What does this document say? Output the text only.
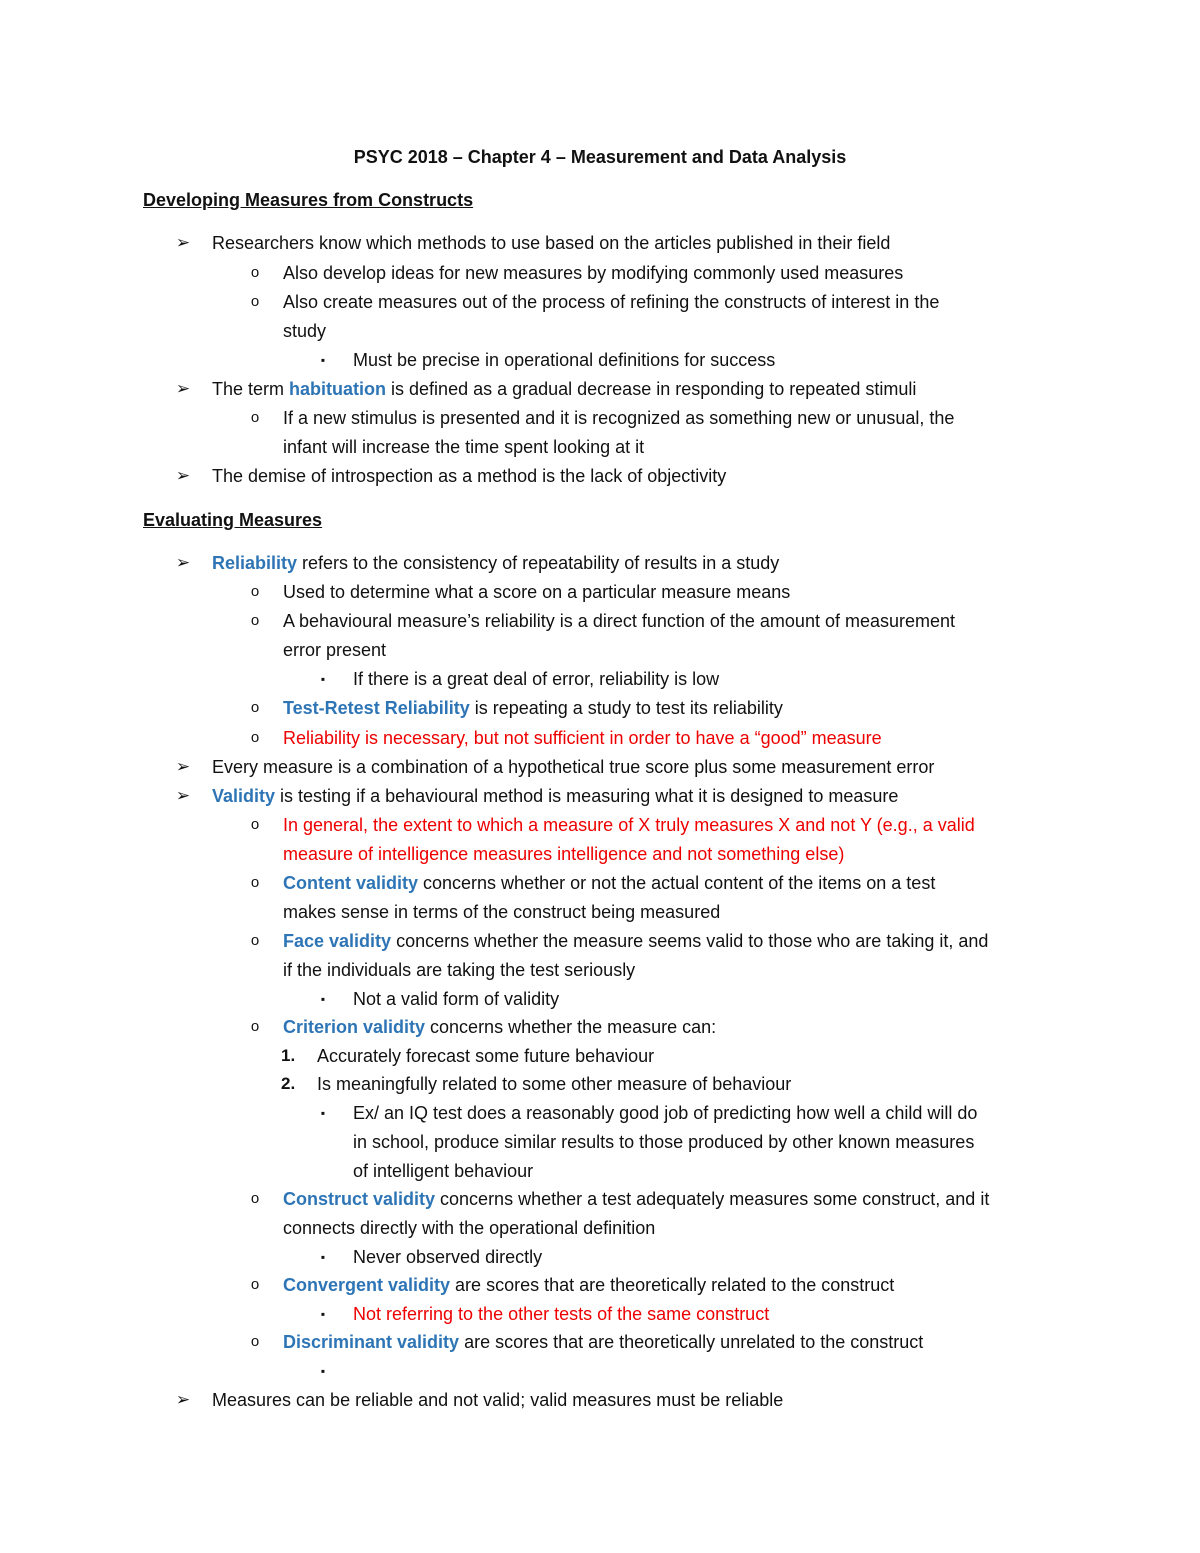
PSYC 2018 – Chapter 4 – Measurement and Data Analysis
Developing Measures from Constructs
➢ Researchers know which methods to use based on the articles published in their field
o Also develop ideas for new measures by modifying commonly used measures
o Also create measures out of the process of refining the constructs of interest in the
study
▪ Must be precise in operational definitions for success
➢ The term habituation is defined as a gradual decrease in responding to repeated stimuli
o If a new stimulus is presented and it is recognized as something new or unusual, the
infant will increase the time spent looking at it
➢ The demise of introspection as a method is the lack of objectivity
Evaluating Measures
➢ Reliability refers to the consistency of repeatability of results in a study
o Used to determine what a score on a particular measure means
o A behavioural measure’s reliability is a direct function of the amount of measurement
error present
▪ If there is a great deal of error, reliability is low
o Test-Retest Reliability is repeating a study to test its reliability
o Reliability is necessary, but not sufficient in order to have a “good” measure
➢ Every measure is a combination of a hypothetical true score plus some measurement error
➢ Validity is testing if a behavioural method is measuring what it is designed to measure
o In general, the extent to which a measure of X truly measures X and not Y (e.g., a valid
measure of intelligence measures intelligence and not something else)
o Content validity concerns whether or not the actual content of the items on a test
makes sense in terms of the construct being measured
o Face validity concerns whether the measure seems valid to those who are taking it, and
if the individuals are taking the test seriously
▪ Not a valid form of validity
o Criterion validity concerns whether the measure can:
1.	Accurately forecast some future behaviour
2.	Is meaningfully related to some other measure of behaviour
▪ Ex/ an IQ test does a reasonably good job of predicting how well a child will do
in school, produce similar results to those produced by other known measures
of intelligent behaviour
o Construct validity concerns whether a test adequately measures some construct, and it
connects directly with the operational definition
▪ Never observed directly
o Convergent validity are scores that are theoretically related to the construct
▪ Not referring to the other tests of the same construct
o Discriminant validity are scores that are theoretically unrelated to the construct
▪
➢ Measures can be reliable and not valid; valid measures must be reliable
